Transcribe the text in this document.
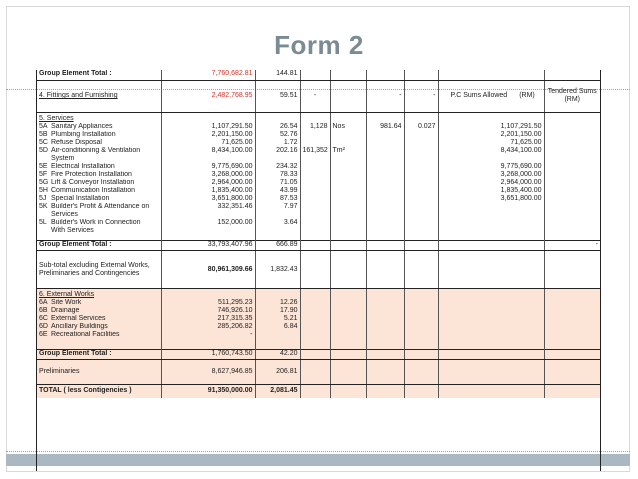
Form 2
Group Element Total :	7,760,682.81	144.81						
4. Fittings and Furnishing	2,482,768.95	59.51	-		-	-	P.C Sums Allowed (RM)	Tendered Sums (RM)
5. Services								
5A Sanitary Appliances	1,107,291.50	26.54	1,128	Nos	981.64	0.027	1,107,291.50	
5B Plumbing Installation	2,201,150.00	52.76					2,201,150.00	
5C Refuse Disposal	71,625.00	1.72					71,625.00	
5D Air-conditioning & Ventilation System	8,434,100.00	202.16	161,352	Tm²			8,434,100.00	
5E Electrical Installation	9,775,690.00	234.32					9,775,690.00	
5F Fire Protection Installation	3,268,000.00	78.33					3,268,000.00	
5G Lift & Conveyor Installation	2,964,000.00	71.05					2,964,000.00	
5H Communication Installation	1,835,400.00	43.99					1,835,400.00	
5J Special Installation	3,651,800.00	87.53					3,651,800.00	
5K Builder's Profit & Attendance on Services	332,351.46	7.97						
5L Builder's Work in Connection With Services	152,000.00	3.64						

Group Element Total :	33,793,407.96	666.89						-
Sub-total excluding External Works, Preliminaries and Contingencies	80,961,309.66	1,832.43						
6. External Works								
6A Site Work	511,295.23	12.26						
6B Drainage	746,926.10	17.90						
6C External Services	217,315.35	5.21						
6D Ancillary Buildings	285,206.82	6.84						
6E Recreational Facilities	-							

Group Element Total :	1,760,743.50	42.20						
Preliminaries	8,627,946.85	206.81						
TOTAL ( less Contigencies )	91,350,000.00	2,081.45						
